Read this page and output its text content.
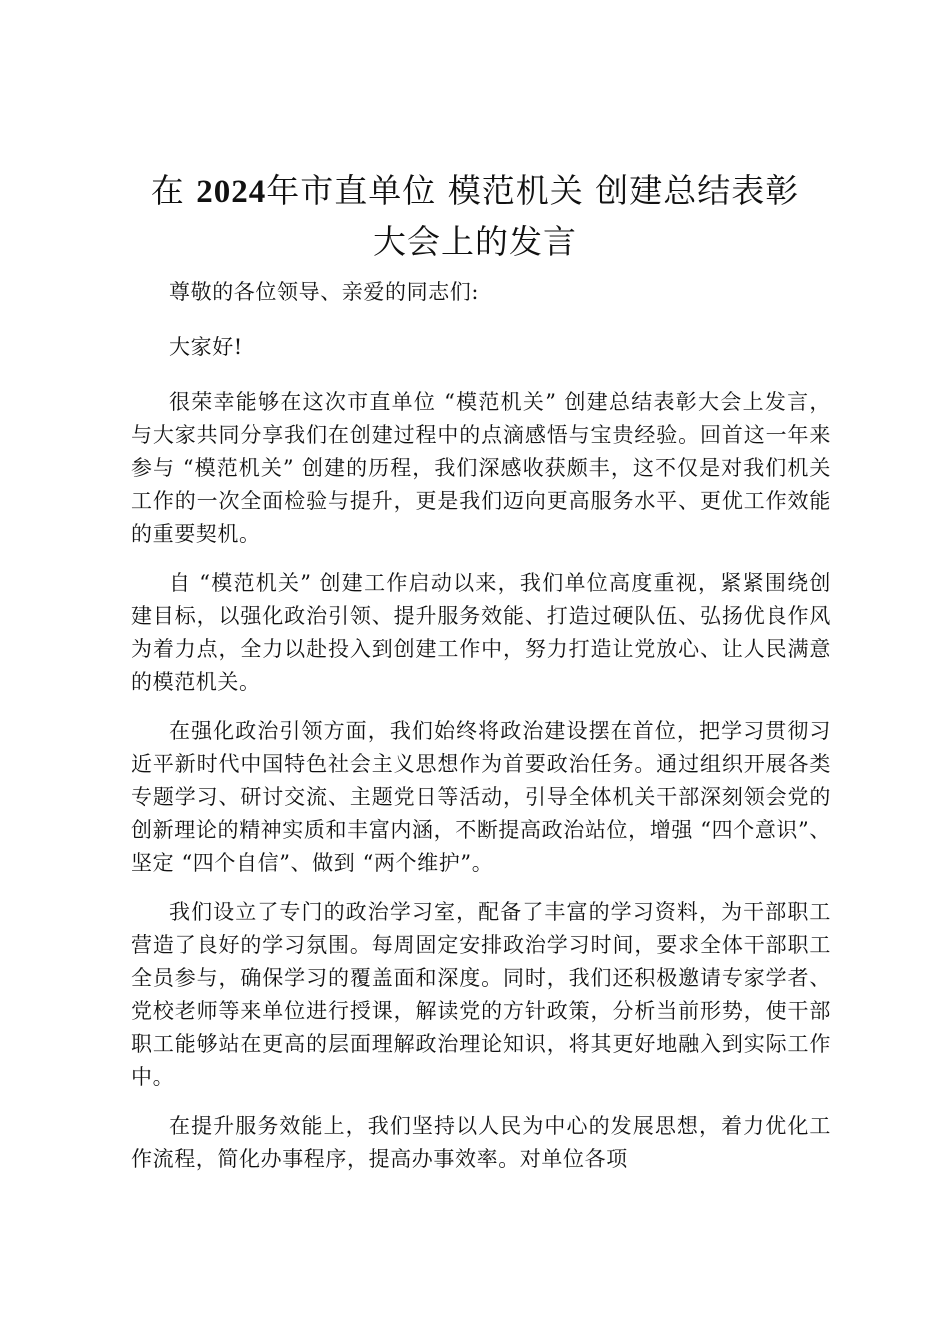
在 2024年市直单位 模范机关 创建总结表彰
大会上的发言

尊敬的各位领导、亲爱的同志们:

大家好!

很荣幸能够在这次市直单位 “模范机关” 创建总结表彰大会上发言，与大家共同分享我们在创建过程中的点滴感悟与宝贵经验。回首这一年来参与 “模范机关” 创建的历程，我们深感收获颇丰，这不仅是对我们机关工作的一次全面检验与提升，更是我们迈向更高服务水平、更优工作效能的重要契机。

自 “模范机关” 创建工作启动以来，我们单位高度重视，紧紧围绕创建目标，以强化政治引领、提升服务效能、打造过硬队伍、弘扬优良作风为着力点，全力以赴投入到创建工作中，努力打造让党放心、让人民满意的模范机关。

在强化政治引领方面，我们始终将政治建设摆在首位，把学习贯彻习近平新时代中国特色社会主义思想作为首要政治任务。通过组织开展各类专题学习、研讨交流、主题党日等活动，引导全体机关干部深刻领会党的创新理论的精神实质和丰富内涵，不断提高政治站位，增强 “四个意识”、坚定 “四个自信”、做到 “两个维护”。

我们设立了专门的政治学习室，配备了丰富的学习资料，为干部职工营造了良好的学习氛围。每周固定安排政治学习时间，要求全体干部职工全员参与，确保学习的覆盖面和深度。同时，我们还积极邀请专家学者、党校老师等来单位进行授课，解读党的方针政策，分析当前形势，使干部职工能够站在更高的层面理解政治理论知识，将其更好地融入到实际工作中。

在提升服务效能上，我们坚持以人民为中心的发展思想，着力优化工作流程，简化办事程序，提高办事效率。对单位各项
